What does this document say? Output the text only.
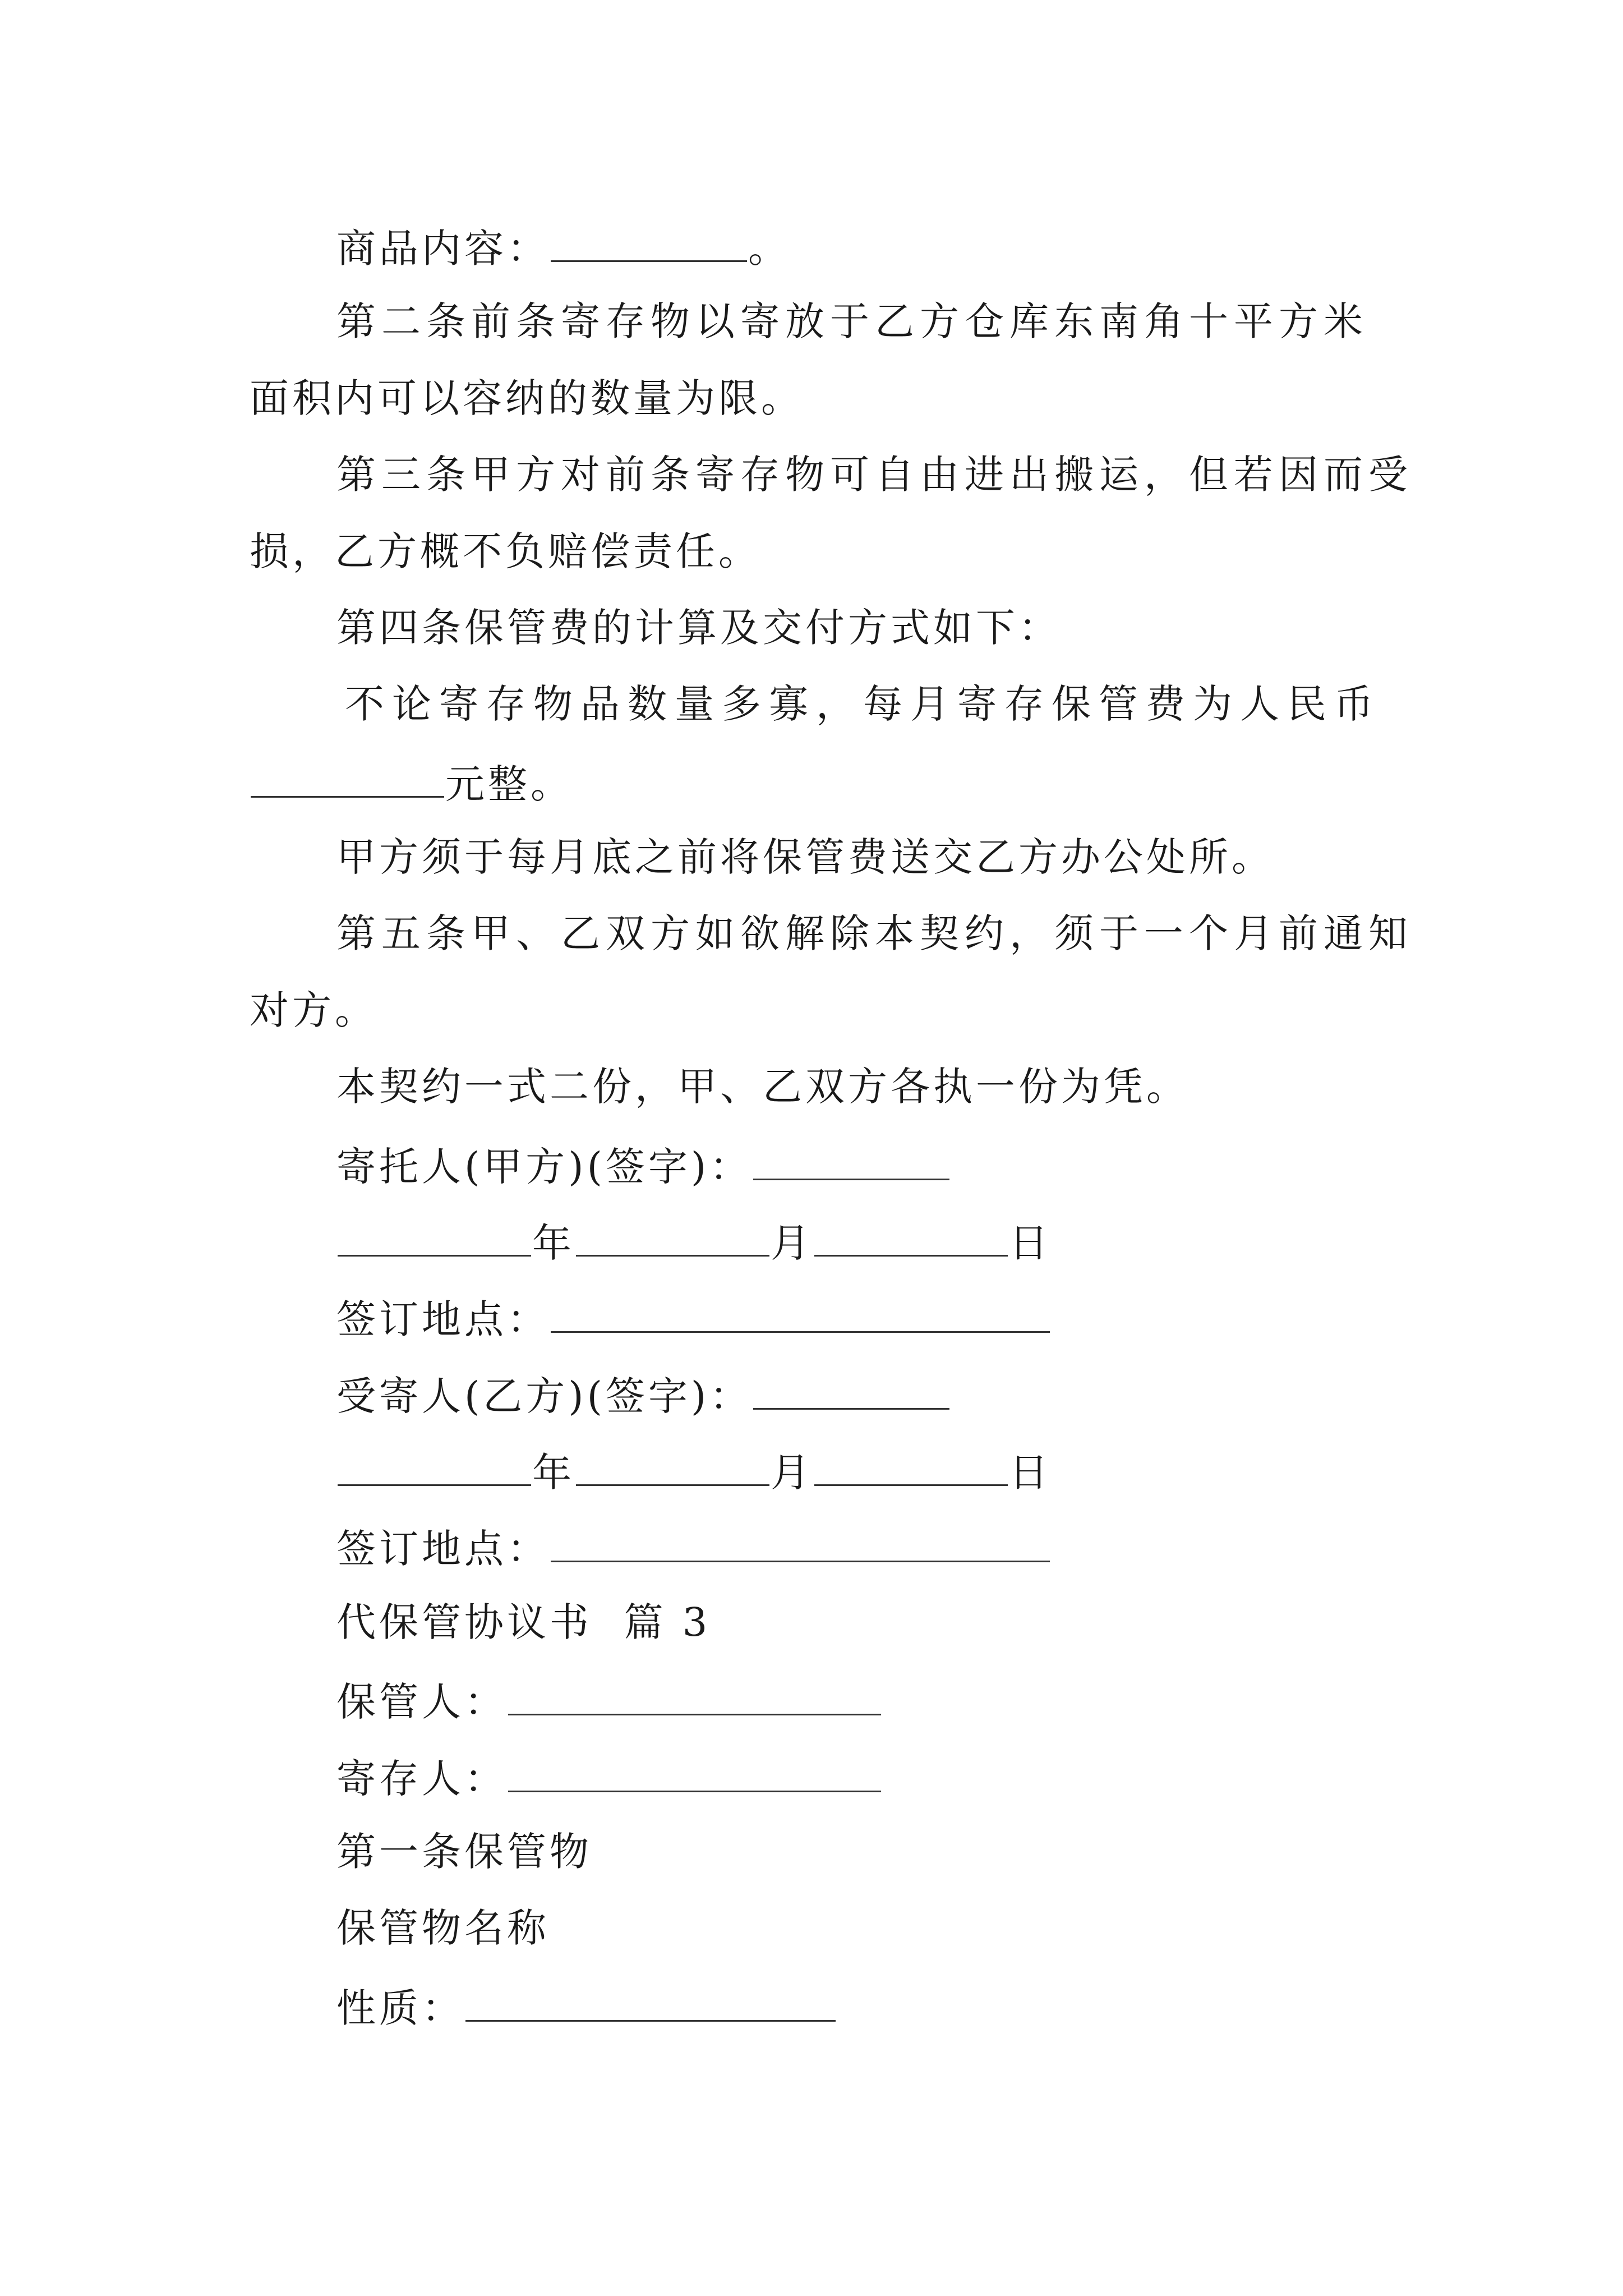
商品内容：	。
第二条前条寄存物以寄放于乙方仓库东南角十平方米
面积内可以容纳的数量为限。
第三条甲方对前条寄存物可自由进出搬运，但若因而受
损，乙方概不负赔偿责任。
第四条保管费的计算及交付方式如下：
不论寄存物品数量多寡，每月寄存保管费为人民币
元整。
甲方须于每月底之前将保管费送交乙方办公处所。
第五条甲、乙双方如欲解除本契约，须于一个月前通知
对方。
本契约一式二份，甲、乙双方各执一份为凭。
寄托人(甲方)(签字)：
年	月	日
签订地点：
受寄人(乙方)(签字)：
年	月	日
签订地点：
代保管协议书  篇 3
保管人：
寄存人：
第一条保管物
保管物名称
性质：
